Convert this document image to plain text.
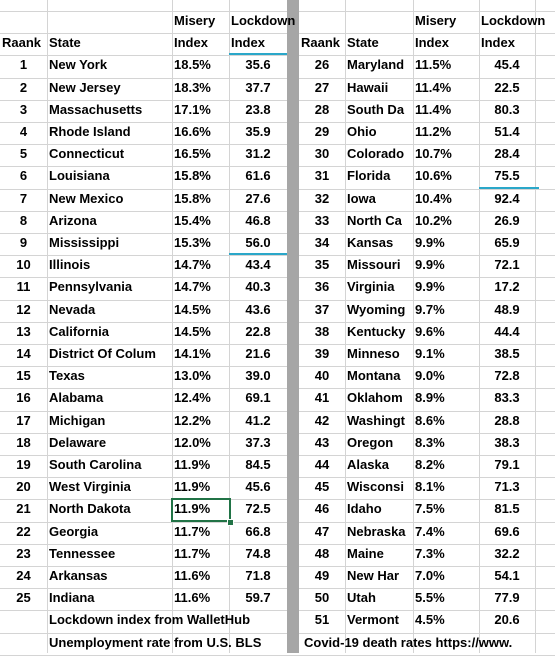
Misery	Lockdown	Misery	Lockdown
Raank State	Index	Index	Raank State	Index	Index
1	New York	18.5%	35.6	26	Maryland 11.5%	45.4
2	New Jersey	18.3%	37.7	27	Hawaii	11.4%	22.5
3	Massachusetts	17.1%	23.8	28	South Da 11.4%	80.3
4	Rhode Island	16.6%	35.9	29	Ohio	11.2%	51.4
5	Connecticut	16.5%	31.2	30	Colorado 10.7%	28.4
6	Louisiana	15.8%	61.6	31	Florida	10.6%	75.5
7	New Mexico	15.8%	27.6	32	Iowa	10.4%	92.4
8	Arizona	15.4%	46.8	33	North Ca	10.2%	26.9
9	Mississippi	15.3%	56.0	34	Kansas	9.9%	65.9
10	Illinois	14.7%	43.4	35	Missouri	9.9%	72.1
11	Pennsylvania	14.7%	40.3	36	Virginia	9.9%	17.2
12	Nevada	14.5%	43.6	37	Wyoming 9.7%	48.9
13	California	14.5%	22.8	38	Kentucky 9.6%	44.4
14	District Of Colum	14.1%	21.6	39	Minneso	9.1%	38.5
15	Texas	13.0%	39.0	40	Montana	9.0%	72.8
16	Alabama	12.4%	69.1	41	Oklahom 8.9%	83.3
17	Michigan	12.2%	41.2	42	Washingt 8.6%	28.8
18	Delaware	12.0%	37.3	43	Oregon	8.3%	38.3
19	South Carolina	11.9%	84.5	44	Alaska	8.2%	79.1
20	West Virginia	11.9%	45.6	45	Wisconsi 8.1%	71.3
21	North Dakota	11.9%	72.5	46	Idaho	7.5%	81.5
22	Georgia	11.7%	66.8	47	Nebraska 7.4%	69.6
23	Tennessee	11.7%	74.8	48	Maine	7.3%	32.2
24	Arkansas	11.6%	71.8	49	New Har	7.0%	54.1
25	Indiana	11.6%	59.7	50	Utah	5.5%	77.9
Lockdown index from WalletHub	51	Vermont	4.5%	20.6
Unemployment rate from U.S. BLS	Covid-19 death rates https://www.
